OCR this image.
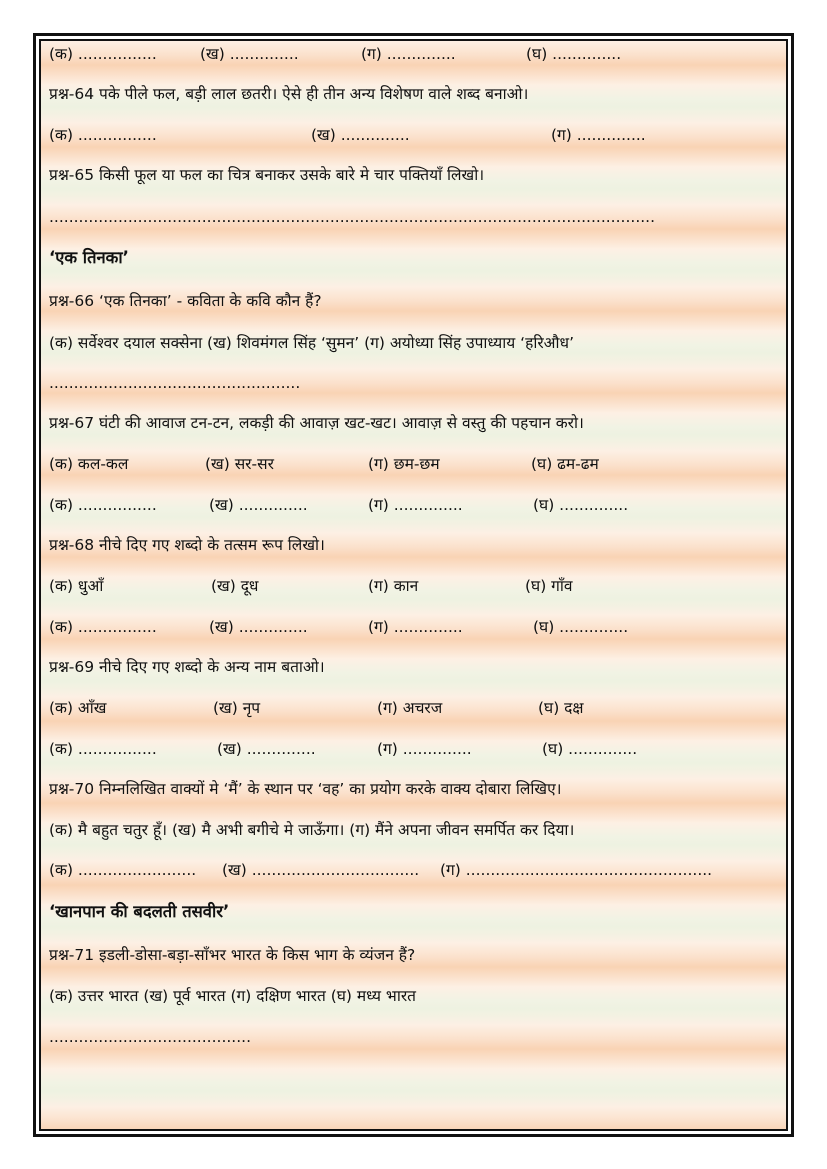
(क) ................	(ख) ..............	(ग) ..............	(घ) ..............
प्रश्न-64 पके पीले फल, बड़ी लाल छतरी। ऐसे ही तीन अन्य विशेषण वाले शब्द बनाओ।
(क) ................	(ख) ..............	(ग) ..............
प्रश्न-65 किसी फूल या फल का चित्र बनाकर उसके बारे मे चार पक्तियाँ लिखो।
...........................................................................................................................
‘एक तिनका’
प्रश्न-66 ‘एक तिनका’ - कविता के कवि कौन हैं?
(क) सर्वेश्वर दयाल सक्सेना (ख) शिवमंगल सिंह ‘सुमन’ (ग) अयोध्या सिंह उपाध्याय ‘हरिऔध’
...................................................
प्रश्न-67 घंटी की आवाज टन-टन, लकड़ी की आवाज़ खट-खट। आवाज़ से वस्तु की पहचान करो।
(क) कल-कल	(ख) सर-सर	(ग) छम-छम	(घ) ढम-ढम
(क) ................	(ख) ..............	(ग) ..............	(घ) ..............
प्रश्न-68 नीचे दिए गए शब्दो के तत्सम रूप लिखो।
(क) धुआँ	(ख) दूध	(ग) कान	(घ) गाँव
(क) ................	(ख) ..............	(ग) ..............	(घ) ..............
प्रश्न-69 नीचे दिए गए शब्दो के अन्य नाम बताओ।
(क) आँख	(ख) नृप	(ग) अचरज	(घ) दक्ष
(क) ................	(ख) ..............	(ग) ..............	(घ) ..............
प्रश्न-70 निम्नलिखित वाक्यों मे ‘मैं’ के स्थान पर ‘वह’ का प्रयोग करके वाक्य दोबारा लिखिए।
(क) मै बहुत चतुर हूँ। (ख) मै अभी बगीचे मे जाऊँगा। (ग) मैंने अपना जीवन समर्पित कर दिया।
(क) ........................ (ख) .................................. (ग) ..................................................
‘खानपान की बदलती तसवीर’
प्रश्न-71 इडली-डोसा-बड़ा-साँभर भारत के किस भाग के व्यंजन हैं?
(क) उत्तर भारत (ख) पूर्व भारत (ग) दक्षिण भारत (घ) मध्य भारत
.........................................
